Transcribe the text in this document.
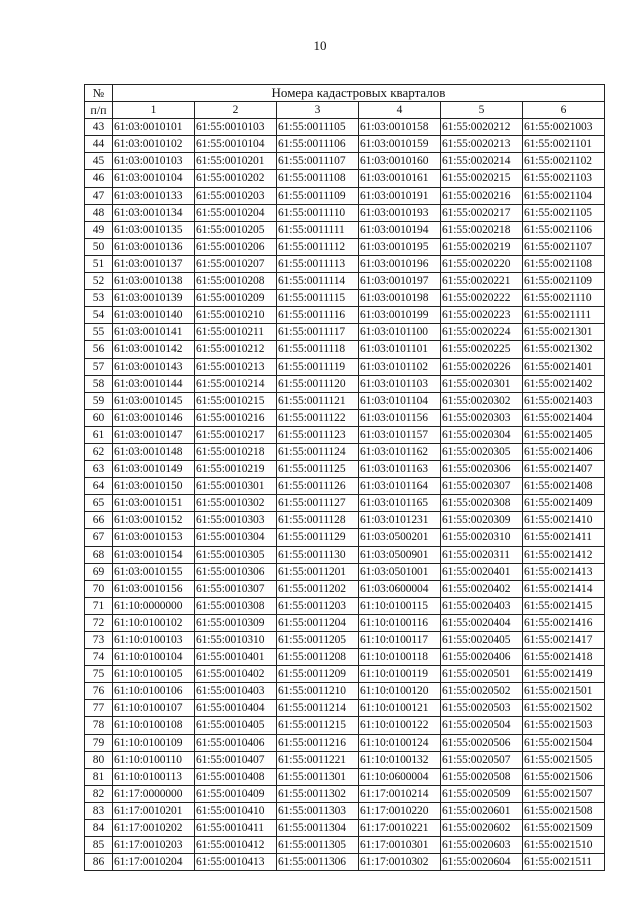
10
№	Номера кадастровых кварталов					
п/п	1	2	3	4	5	6
43	61:03:0010101	61:55:0010103	61:55:0011105	61:03:0010158	61:55:0020212	61:55:0021003
44	61:03:0010102	61:55:0010104	61:55:0011106	61:03:0010159	61:55:0020213	61:55:0021101
45	61:03:0010103	61:55:0010201	61:55:0011107	61:03:0010160	61:55:0020214	61:55:0021102
46	61:03:0010104	61:55:0010202	61:55:0011108	61:03:0010161	61:55:0020215	61:55:0021103
47	61:03:0010133	61:55:0010203	61:55:0011109	61:03:0010191	61:55:0020216	61:55:0021104
48	61:03:0010134	61:55:0010204	61:55:0011110	61:03:0010193	61:55:0020217	61:55:0021105
49	61:03:0010135	61:55:0010205	61:55:0011111	61:03:0010194	61:55:0020218	61:55:0021106
50	61:03:0010136	61:55:0010206	61:55:0011112	61:03:0010195	61:55:0020219	61:55:0021107
51	61:03:0010137	61:55:0010207	61:55:0011113	61:03:0010196	61:55:0020220	61:55:0021108
52	61:03:0010138	61:55:0010208	61:55:0011114	61:03:0010197	61:55:0020221	61:55:0021109
53	61:03:0010139	61:55:0010209	61:55:0011115	61:03:0010198	61:55:0020222	61:55:0021110
54	61:03:0010140	61:55:0010210	61:55:0011116	61:03:0010199	61:55:0020223	61:55:0021111
55	61:03:0010141	61:55:0010211	61:55:0011117	61:03:0101100	61:55:0020224	61:55:0021301
56	61:03:0010142	61:55:0010212	61:55:0011118	61:03:0101101	61:55:0020225	61:55:0021302
57	61:03:0010143	61:55:0010213	61:55:0011119	61:03:0101102	61:55:0020226	61:55:0021401
58	61:03:0010144	61:55:0010214	61:55:0011120	61:03:0101103	61:55:0020301	61:55:0021402
59	61:03:0010145	61:55:0010215	61:55:0011121	61:03:0101104	61:55:0020302	61:55:0021403
60	61:03:0010146	61:55:0010216	61:55:0011122	61:03:0101156	61:55:0020303	61:55:0021404
61	61:03:0010147	61:55:0010217	61:55:0011123	61:03:0101157	61:55:0020304	61:55:0021405
62	61:03:0010148	61:55:0010218	61:55:0011124	61:03:0101162	61:55:0020305	61:55:0021406
63	61:03:0010149	61:55:0010219	61:55:0011125	61:03:0101163	61:55:0020306	61:55:0021407
64	61:03:0010150	61:55:0010301	61:55:0011126	61:03:0101164	61:55:0020307	61:55:0021408
65	61:03:0010151	61:55:0010302	61:55:0011127	61:03:0101165	61:55:0020308	61:55:0021409
66	61:03:0010152	61:55:0010303	61:55:0011128	61:03:0101231	61:55:0020309	61:55:0021410
67	61:03:0010153	61:55:0010304	61:55:0011129	61:03:0500201	61:55:0020310	61:55:0021411
68	61:03:0010154	61:55:0010305	61:55:0011130	61:03:0500901	61:55:0020311	61:55:0021412
69	61:03:0010155	61:55:0010306	61:55:0011201	61:03:0501001	61:55:0020401	61:55:0021413
70	61:03:0010156	61:55:0010307	61:55:0011202	61:03:0600004	61:55:0020402	61:55:0021414
71	61:10:0000000	61:55:0010308	61:55:0011203	61:10:0100115	61:55:0020403	61:55:0021415
72	61:10:0100102	61:55:0010309	61:55:0011204	61:10:0100116	61:55:0020404	61:55:0021416
73	61:10:0100103	61:55:0010310	61:55:0011205	61:10:0100117	61:55:0020405	61:55:0021417
74	61:10:0100104	61:55:0010401	61:55:0011208	61:10:0100118	61:55:0020406	61:55:0021418
75	61:10:0100105	61:55:0010402	61:55:0011209	61:10:0100119	61:55:0020501	61:55:0021419
76	61:10:0100106	61:55:0010403	61:55:0011210	61:10:0100120	61:55:0020502	61:55:0021501
77	61:10:0100107	61:55:0010404	61:55:0011214	61:10:0100121	61:55:0020503	61:55:0021502
78	61:10:0100108	61:55:0010405	61:55:0011215	61:10:0100122	61:55:0020504	61:55:0021503
79	61:10:0100109	61:55:0010406	61:55:0011216	61:10:0100124	61:55:0020506	61:55:0021504
80	61:10:0100110	61:55:0010407	61:55:0011221	61:10:0100132	61:55:0020507	61:55:0021505
81	61:10:0100113	61:55:0010408	61:55:0011301	61:10:0600004	61:55:0020508	61:55:0021506
82	61:17:0000000	61:55:0010409	61:55:0011302	61:17:0010214	61:55:0020509	61:55:0021507
83	61:17:0010201	61:55:0010410	61:55:0011303	61:17:0010220	61:55:0020601	61:55:0021508
84	61:17:0010202	61:55:0010411	61:55:0011304	61:17:0010221	61:55:0020602	61:55:0021509
85	61:17:0010203	61:55:0010412	61:55:0011305	61:17:0010301	61:55:0020603	61:55:0021510
86	61:17:0010204	61:55:0010413	61:55:0011306	61:17:0010302	61:55:0020604	61:55:0021511
